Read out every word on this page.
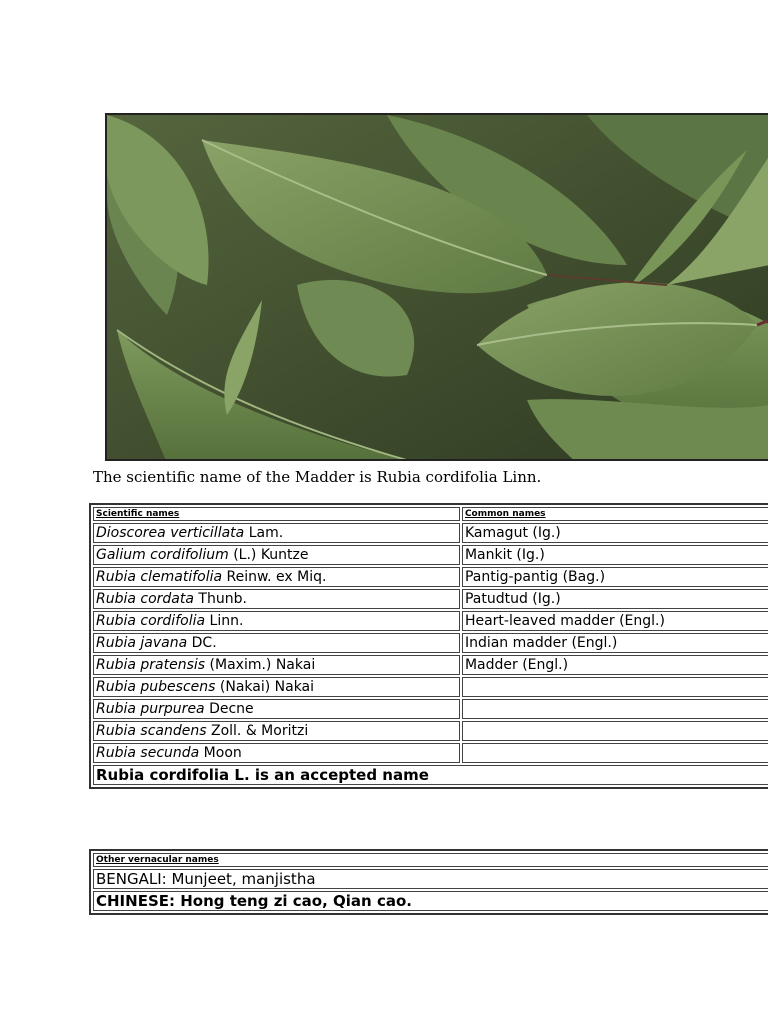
The scientific name of the Madder is Rubia cordifolia Linn.
Scientific names	Common names
Dioscorea verticillata Lam.	Kamagut (Ig.)
Galium cordifolium (L.) Kuntze	Mankit (Ig.)
Rubia clematifolia Reinw. ex Miq.	Pantig-pantig (Bag.)
Rubia cordata Thunb.	Patudtud (Ig.)
Rubia cordifolia Linn.	Heart-leaved madder (Engl.)
Rubia javana DC.	Indian madder (Engl.)
Rubia pratensis (Maxim.) Nakai	Madder (Engl.)
Rubia pubescens (Nakai) Nakai	
Rubia purpurea Decne	
Rubia scandens Zoll. & Moritzi	
Rubia secunda Moon	
Rubia cordifolia L. is an accepted name	
Other vernacular names
BENGALI: Munjeet, manjistha
CHINESE: Hong teng zi cao, Qian cao.
